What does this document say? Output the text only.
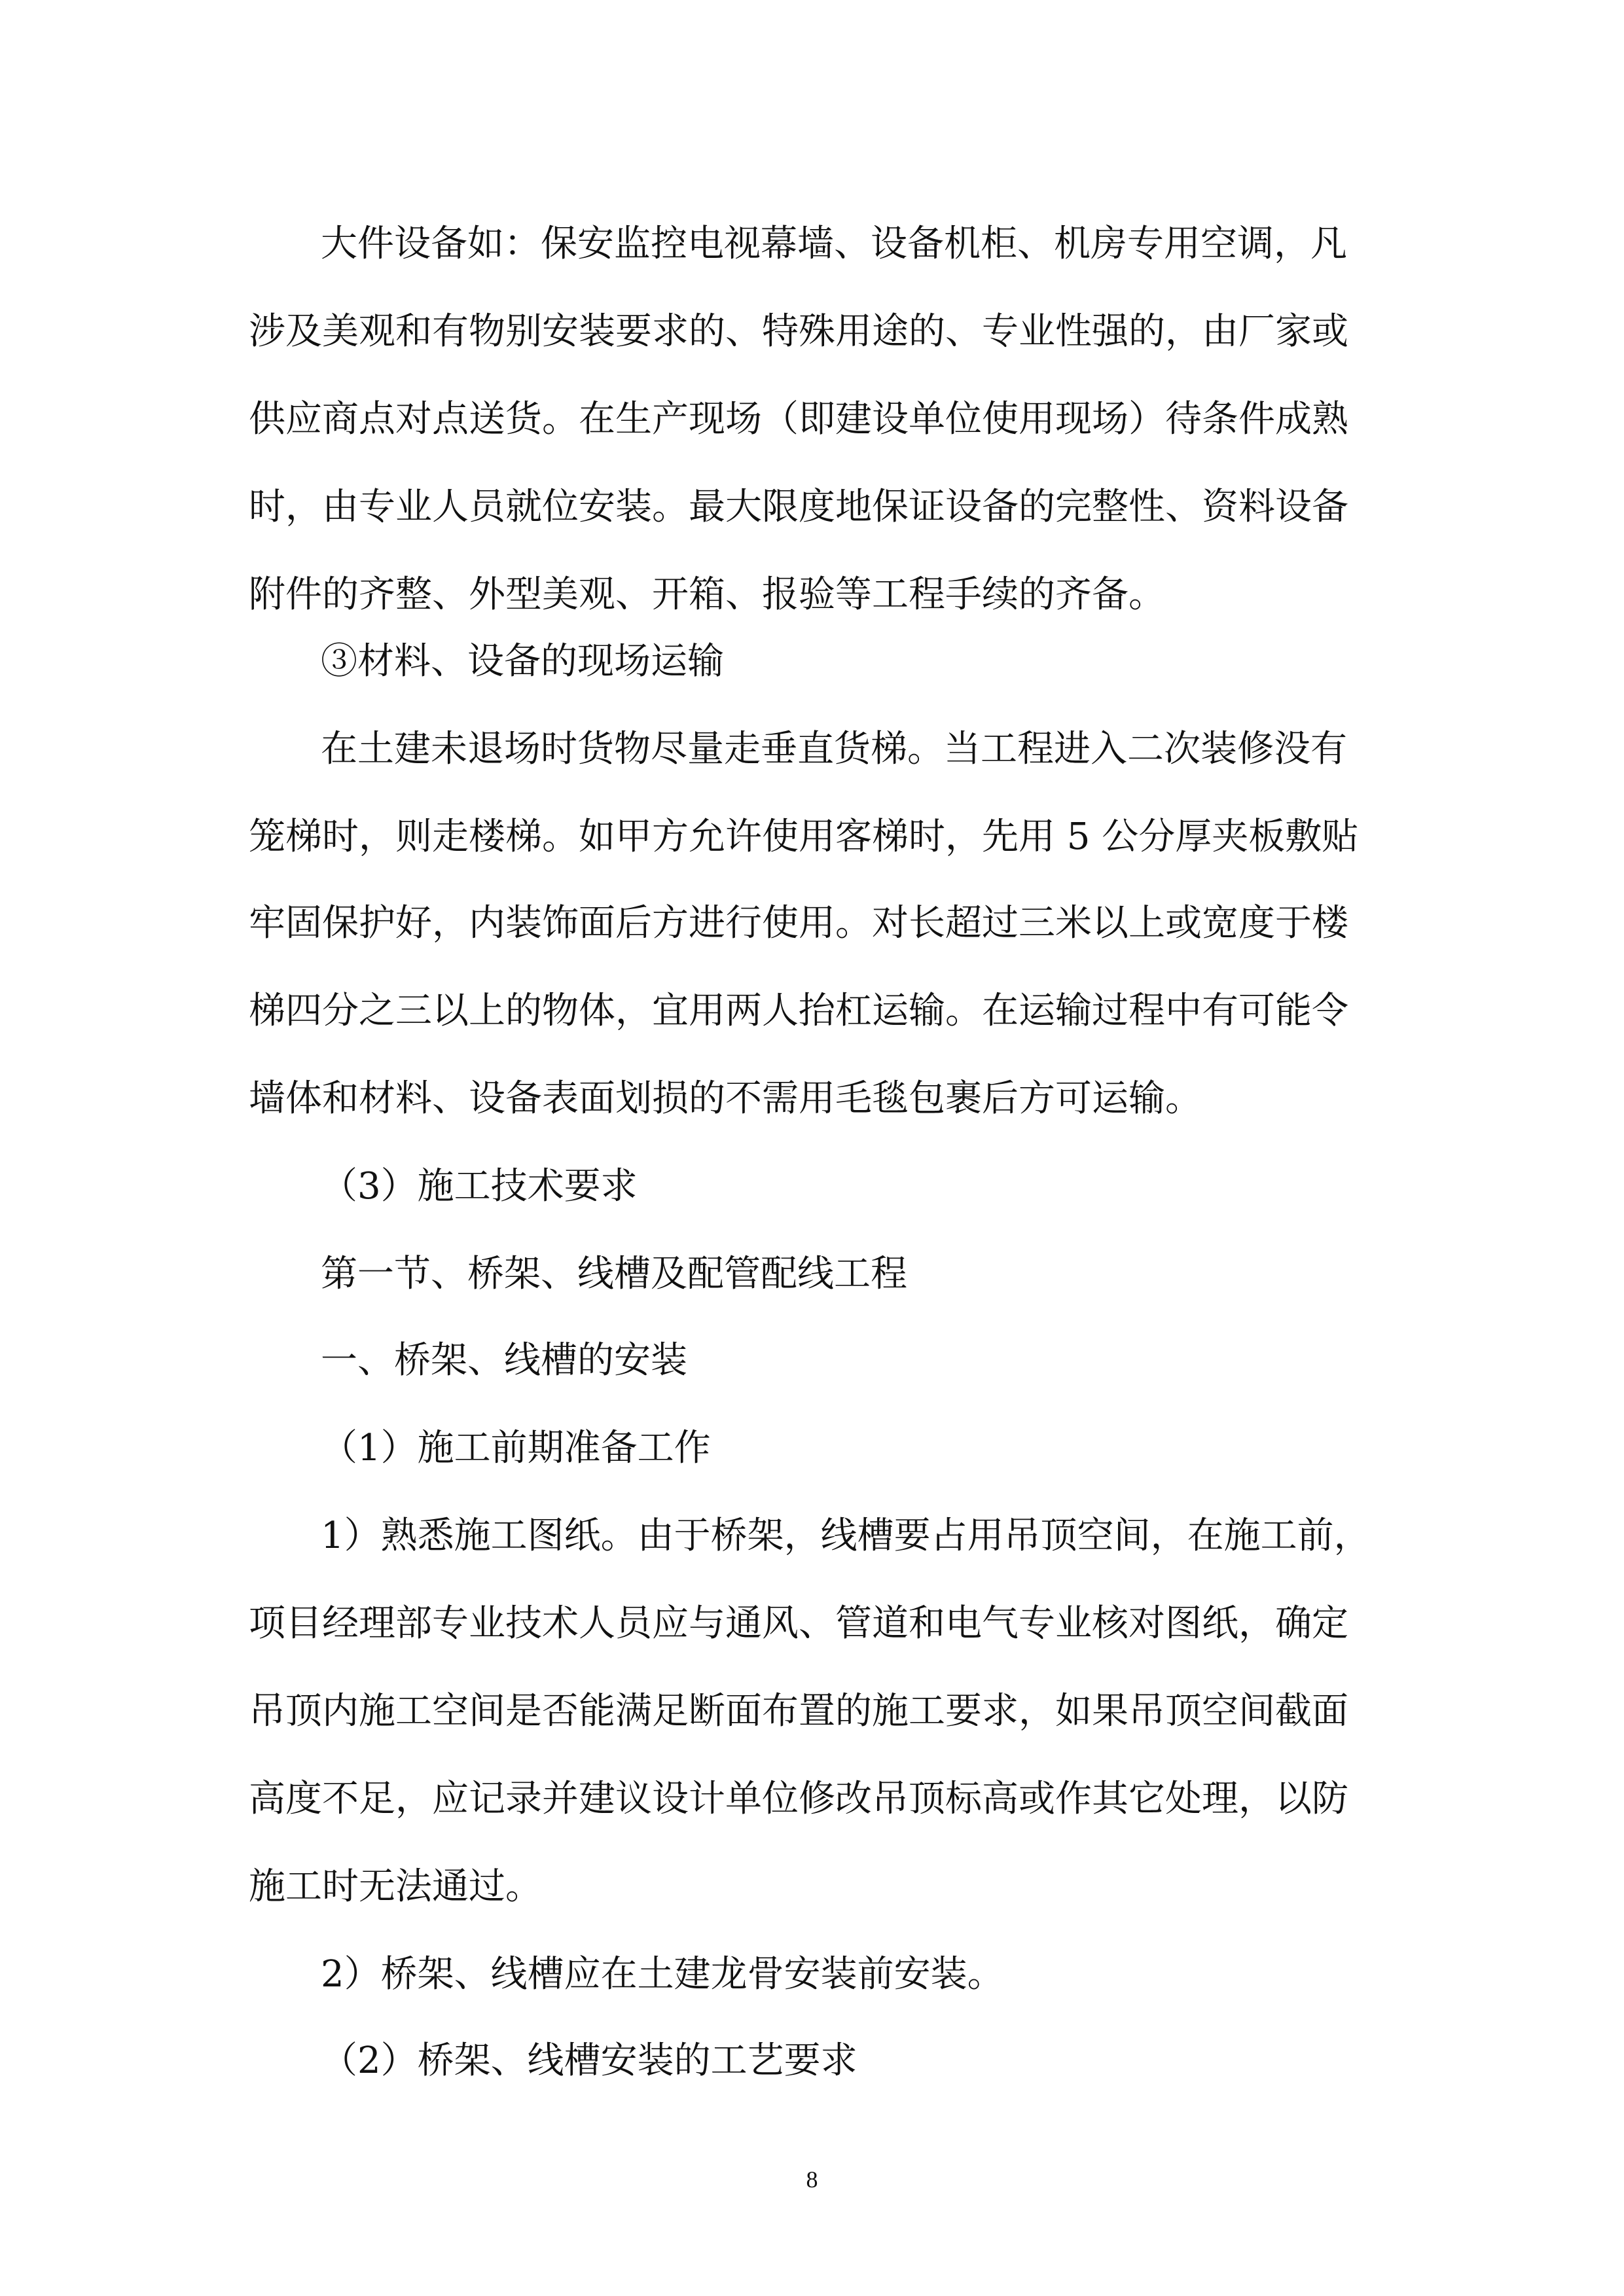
大件设备如：保安监控电视幕墙、设备机柜、机房专用空调，凡

涉及美观和有物别安装要求的、特殊用途的、专业性强的，由厂家或

供应商点对点送货。在生产现场（即建设单位使用现场）待条件成熟

时，由专业人员就位安装。最大限度地保证设备的完整性、资料设备

附件的齐整、外型美观、开箱、报验等工程手续的齐备。

③材料、设备的现场运输

在土建未退场时货物尽量走垂直货梯。当工程进入二次装修没有

笼梯时，则走楼梯。如甲方允许使用客梯时，先用 5 公分厚夹板敷贴

牢固保护好，内装饰面后方进行使用。对长超过三米以上或宽度于楼

梯四分之三以上的物体，宜用两人抬杠运输。在运输过程中有可能令

墙体和材料、设备表面划损的不需用毛毯包裹后方可运输。

（3）施工技术要求

第一节、桥架、线槽及配管配线工程

一、桥架、线槽的安装

（1）施工前期准备工作

1）熟悉施工图纸。由于桥架，线槽要占用吊顶空间，在施工前，

项目经理部专业技术人员应与通风、管道和电气专业核对图纸，确定

吊顶内施工空间是否能满足断面布置的施工要求，如果吊顶空间截面

高度不足，应记录并建议设计单位修改吊顶标高或作其它处理，以防

施工时无法通过。

2）桥架、线槽应在土建龙骨安装前安装。

（2）桥架、线槽安装的工艺要求

8
